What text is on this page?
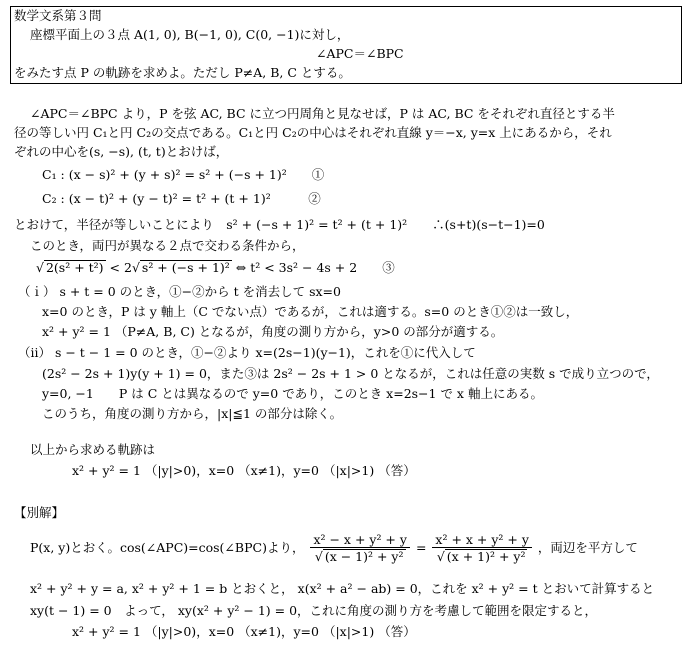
数学文系第３問
座標平面上の３点 A(1, 0), B(−1, 0), C(0, −1)に対し，
∠APC＝∠BPC
をみたす点 P の軌跡を求めよ。ただし P≠A, B, C とする。
∠APC＝∠BPC より，P を弦 AC, BC に立つ円周角と見なせば，P は AC, BC をそれぞれ直径とする半
径の等しい円 C₁と円 C₂の交点である。C₁と円 C₂の中心はそれぞれ直線 y＝−x, y=x 上にあるから，それ
ぞれの中心を(s, −s), (t, t)とおけば，
C₁ : (x − s)² + (y + s)² = s² + (−s + 1)²　　①
C₂ : (x − t)² + (y − t)² = t² + (t + 1)²　　　②
とおけて，半径が等しいことにより　s² + (−s + 1)² = t² + (t + 1)²　　∴(s+t)(s−t−1)=0
このとき，両円が異なる２点で交わる条件から，
√ 2(s² + t²) < 2√ s² + (−s + 1)² ⇔ t² < 3s² − 4s + 2　　③
（ｉ） s + t = 0 のとき，①−②から t を消去して sx=0
x=0 のとき，P は y 軸上（C でない点）であるが，これは適する。s=0 のとき①②は一致し，
x² + y² = 1 （P≠A, B, C) となるが，角度の測り方から，y>0 の部分が適する。
（ⅱ） s − t − 1 = 0 のとき，①−②より x=(2s−1)(y−1)，これを①に代入して
(2s² − 2s + 1)y(y + 1) = 0，また③は 2s² − 2s + 1 > 0 となるが，これは任意の実数 s で成り立つので，
y=0, −1　　P は C とは異なるので y=0 であり，このとき x=2s−1 で x 軸上にある。
このうち，角度の測り方から，|x|≦1 の部分は除く。
以上から求める軌跡は
x² + y² = 1 （|y|>0)，x=0 （x≠1)，y=0 （|x|>1) （答）
【別解】
P(x, y)とおく。cos(∠APC)=cos(∠BPC)より， $\frac{\text{x² − x + y² + y}}{\text{√ (x − 1)² + y²}} = \frac{\text{x² + x + y² + y}}{\text{√ (x + 1)² + y²}}$ ，両辺を平方して
x² + y² + y = a, x² + y² + 1 = b とおくと， x(x² + a² − ab) = 0，これを x² + y² = t とおいて計算すると
xy(t − 1) = 0　よって， xy(x² + y² − 1) = 0，これに角度の測り方を考慮して範囲を限定すると，
x² + y² = 1 （|y|>0)，x=0 （x≠1)，y=0 （|x|>1) （答）
